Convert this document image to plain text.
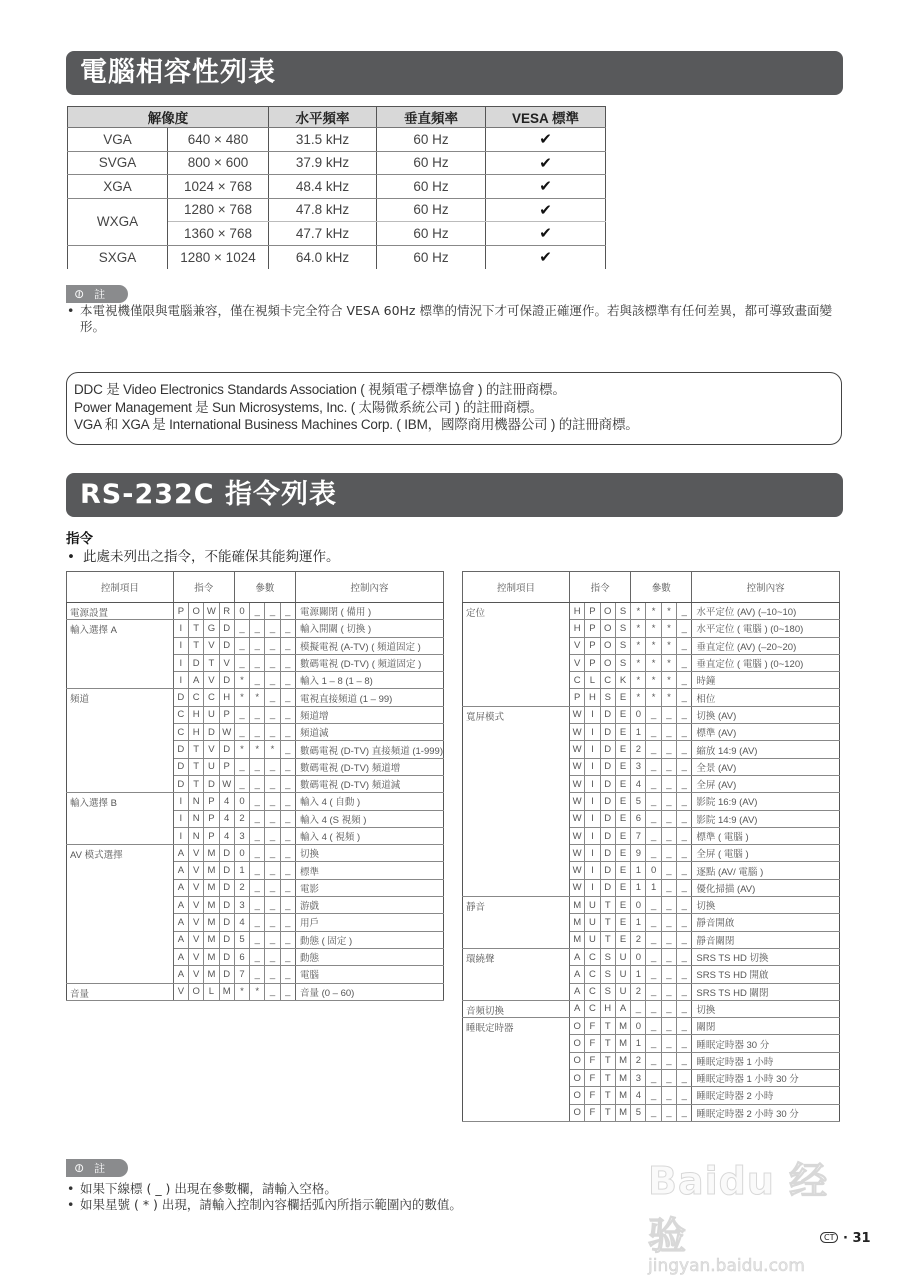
電腦相容性列表
解像度		水平頻率	垂直頻率	VESA 標準
VGA	640 × 480	31.5 kHz	60 Hz	✔
SVGA	800 × 600	37.9 kHz	60 Hz	✔
XGA	1024 × 768	48.4 kHz	60 Hz	✔
WXGA	1280 × 768	47.8 kHz	60 Hz	✔
	1360 × 768	47.7 kHz	60 Hz	✔
SXGA	1280 × 1024	64.0 kHz	60 Hz	✔
⊘ 註
• 本電視機僅限與電腦兼容，僅在視頻卡完全符合 VESA 60Hz 標準的情況下才可保證正確運作。若與該標準有任何差異，都可導致畫面變形。
DDC 是 Video Electronics Standards Association ( 視頻電子標準協會 ) 的註冊商標。
Power Management 是 Sun Microsystems, Inc. ( 太陽微系統公司 ) 的註冊商標。
VGA 和 XGA 是 International Business Machines Corp. ( IBM，國際商用機器公司 ) 的註冊商標。
RS-232C 指令列表
指令
• 此處未列出之指令，不能確保其能夠運作。
控制項目	指令				參數				控制內容
電源設置	P	O	W	R	0	_	_	_	電源關閉 ( 備用 )
輸入選擇 A	I	T	G	D	_	_	_	_	輸入開關 ( 切換 )
	I	T	V	D	_	_	_	_	模擬電視 (A-TV) ( 頻道固定 )
	I	D	T	V	_	_	_	_	數碼電視 (D-TV) ( 頻道固定 )
	I	A	V	D	*	_	_	_	輸入 1 – 8 (1 – 8)
頻道	D	C	C	H	*	*	_	_	電視直接頻道 (1 – 99)
	C	H	U	P	_	_	_	_	頻道增
	C	H	D	W	_	_	_	_	頻道減
	D	T	V	D	*	*	*	_	數碼電視 (D-TV) 直接頻道 (1-999)
	D	T	U	P	_	_	_	_	數碼電視 (D-TV) 頻道增
	D	T	D	W	_	_	_	_	數碼電視 (D-TV) 頻道減
輸入選擇 B	I	N	P	4	0	_	_	_	輸入 4 ( 自動 )
	I	N	P	4	2	_	_	_	輸入 4 (S 視頻 )
	I	N	P	4	3	_	_	_	輸入 4 ( 視頻 )
AV 模式選擇	A	V	M	D	0	_	_	_	切換
	A	V	M	D	1	_	_	_	標準
	A	V	M	D	2	_	_	_	電影
	A	V	M	D	3	_	_	_	游戲
	A	V	M	D	4	_	_	_	用戶
	A	V	M	D	5	_	_	_	動態 ( 固定 )
	A	V	M	D	6	_	_	_	動態
	A	V	M	D	7	_	_	_	電腦
音量	V	O	L	M	*	*	_	_	音量 (0 – 60)
控制項目	指令				參數				控制內容
定位	H	P	O	S	*	*	*	_	水平定位 (AV) (–10~10)
	H	P	O	S	*	*	*	_	水平定位 ( 電腦 ) (0~180)
	V	P	O	S	*	*	*	_	垂直定位 (AV) (–20~20)
	V	P	O	S	*	*	*	_	垂直定位 ( 電腦 ) (0~120)
	C	L	C	K	*	*	*	_	時鐘
	P	H	S	E	*	*	*	_	相位
寬屏模式	W	I	D	E	0	_	_	_	切換 (AV)
	W	I	D	E	1	_	_	_	標準 (AV)
	W	I	D	E	2	_	_	_	縮放 14:9 (AV)
	W	I	D	E	3	_	_	_	全景 (AV)
	W	I	D	E	4	_	_	_	全屏 (AV)
	W	I	D	E	5	_	_	_	影院 16:9 (AV)
	W	I	D	E	6	_	_	_	影院 14:9 (AV)
	W	I	D	E	7	_	_	_	標準 ( 電腦 )
	W	I	D	E	9	_	_	_	全屏 ( 電腦 )
	W	I	D	E	1	0	_	_	逐點 (AV/ 電腦 )
	W	I	D	E	1	1	_	_	優化掃描 (AV)
靜音	M	U	T	E	0	_	_	_	切換
	M	U	T	E	1	_	_	_	靜音開啟
	M	U	T	E	2	_	_	_	靜音關閉
環繞聲	A	C	S	U	0	_	_	_	SRS TS HD 切換
	A	C	S	U	1	_	_	_	SRS TS HD 開啟
	A	C	S	U	2	_	_	_	SRS TS HD 關閉
音頻切換	A	C	H	A	_	_	_	_	切換
睡眠定時器	O	F	T	M	0	_	_	_	關閉
	O	F	T	M	1	_	_	_	睡眠定時器 30 分
	O	F	T	M	2	_	_	_	睡眠定時器 1 小時
	O	F	T	M	3	_	_	_	睡眠定時器 1 小時 30 分
	O	F	T	M	4	_	_	_	睡眠定時器 2 小時
	O	F	T	M	5	_	_	_	睡眠定時器 2 小時 30 分
⊘ 註
• 如果下線標 ( _ ) 出現在參數欄，請輸入空格。
• 如果星號 ( * ) 出現，請輸入控制內容欄括弧內所指示範圍內的數值。
Baidu 经验
jingyan.baidu.com
CT · 31
